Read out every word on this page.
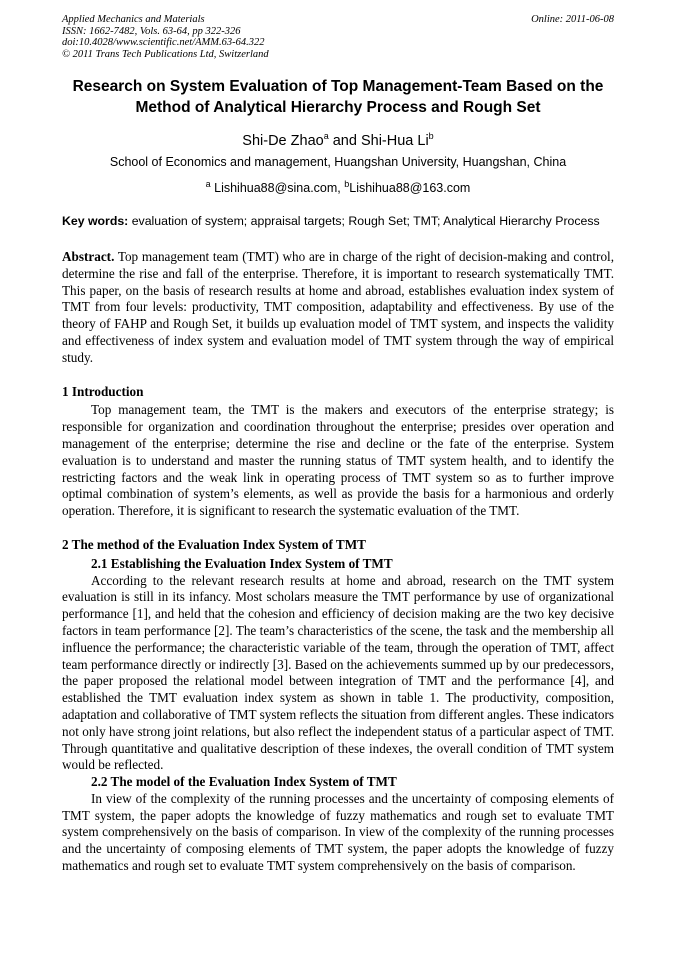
Applied Mechanics and Materials
ISSN: 1662-7482, Vols. 63-64, pp 322-326
doi:10.4028/www.scientific.net/AMM.63-64.322
© 2011 Trans Tech Publications Ltd, Switzerland
Online: 2011-06-08
Research on System Evaluation of Top Management-Team Based on the
Method of Analytical Hierarchy Process and Rough Set
Shi-De Zhao$^a$ and Shi-Hua Li$^b$
School of Economics and management, Huangshan University, Huangshan, China
$^a$ Lishihua88@sina.com, $^b$Lishihua88@163.com
Key words: evaluation of system; appraisal targets; Rough Set; TMT; Analytical Hierarchy Process

Abstract. Top management team (TMT) who are in charge of the right of decision-making and control, determine the rise and fall of the enterprise. Therefore, it is important to research systematically TMT. This paper, on the basis of research results at home and abroad, establishes evaluation index system of TMT from four levels: productivity, TMT composition, adaptability and effectiveness. By use of the theory of FAHP and Rough Set, it builds up evaluation model of TMT system, and inspects the validity and effectiveness of index system and evaluation model of TMT system through the way of empirical study.

1 Introduction

Top management team, the TMT is the makers and executors of the enterprise strategy; is responsible for organization and coordination throughout the enterprise; presides over operation and management of the enterprise; determine the rise and decline or the fate of the enterprise. System evaluation is to understand and master the running status of TMT system health, and to identify the restricting factors and the weak link in operating process of TMT system so as to further improve optimal combination of system’s elements, as well as provide the basis for a harmonious and orderly operation. Therefore, it is significant to research the systematic evaluation of the TMT.

2 The method of the Evaluation Index System of TMT
2.1 Establishing the Evaluation Index System of TMT

According to the relevant research results at home and abroad, research on the TMT system evaluation is still in its infancy. Most scholars measure the TMT performance by use of organizational performance [1], and held that the cohesion and efficiency of decision making are the two key decisive factors in team performance [2]. The team’s characteristics of the scene, the task and the membership all influence the performance; the characteristic variable of the team, through the operation of TMT, affect team performance directly or indirectly [3]. Based on the achievements summed up by our predecessors, the paper proposed the relational model between integration of TMT and the performance [4], and established the TMT evaluation index system as shown in table 1. The productivity, composition, adaptation and collaborative of TMT system reflects the situation from different angles. These indicators not only have strong joint relations, but also reflect the independent status of a particular aspect of TMT. Through quantitative and qualitative description of these indexes, the overall condition of TMT system would be reflected.

2.2 The model of the Evaluation Index System of TMT

In view of the complexity of the running processes and the uncertainty of composing elements of TMT system, the paper adopts the knowledge of fuzzy mathematics and rough set to evaluate TMT system comprehensively on the basis of comparison. In view of the complexity of the running processes and the uncertainty of composing elements of TMT system, the paper adopts the knowledge of fuzzy mathematics and rough set to evaluate TMT system comprehensively on the basis of comparison.
